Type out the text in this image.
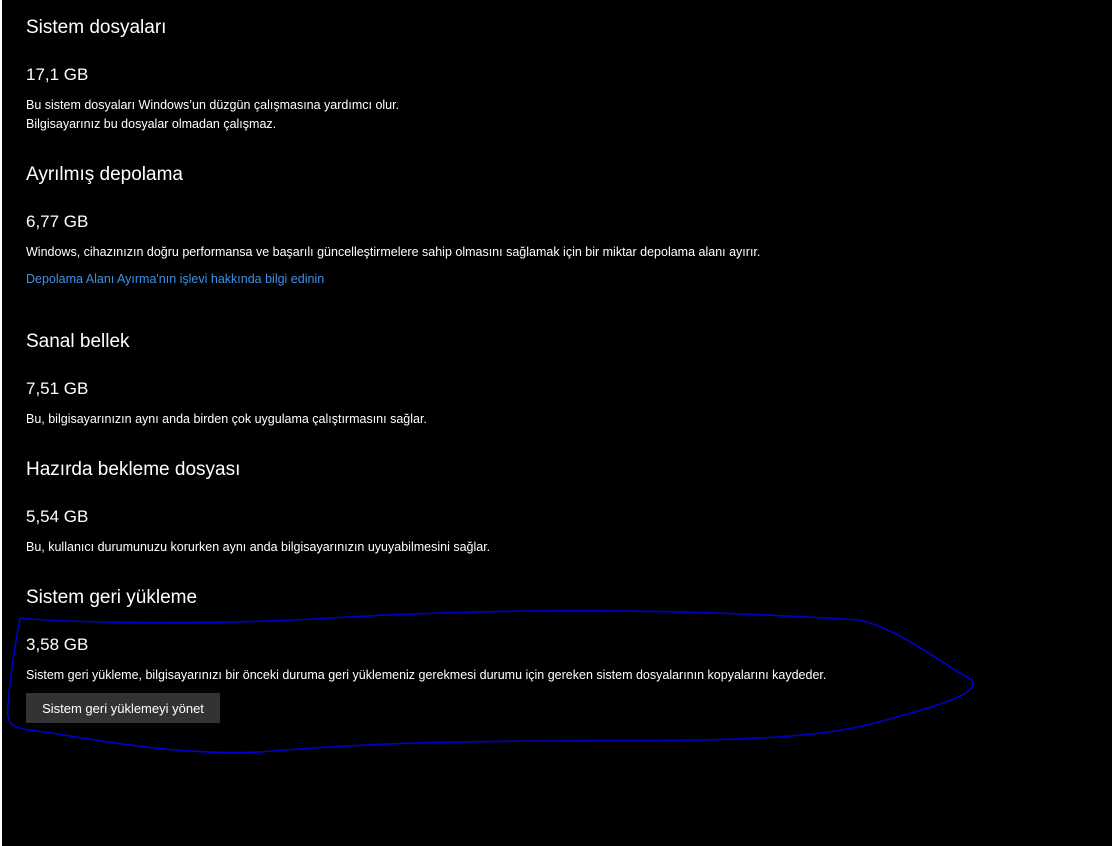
Sistem dosyaları
17,1 GB
Bu sistem dosyaları Windows’un düzgün çalışmasına yardımcı olur.
Bilgisayarınız bu dosyalar olmadan çalışmaz.
Ayrılmış depolama
6,77 GB
Windows, cihazınızın doğru performansa ve başarılı güncelleştirmelere sahip olmasını sağlamak için bir miktar depolama alanı ayırır.
Depolama Alanı Ayırma'nın işlevi hakkında bilgi edinin
Sanal bellek
7,51 GB
Bu, bilgisayarınızın aynı anda birden çok uygulama çalıştırmasını sağlar.
Hazırda bekleme dosyası
5,54 GB
Bu, kullanıcı durumunuzu korurken aynı anda bilgisayarınızın uyuyabilmesini sağlar.
Sistem geri yükleme
3,58 GB
Sistem geri yükleme, bilgisayarınızı bir önceki duruma geri yüklemeniz gerekmesi durumu için gereken sistem dosyalarının kopyalarını kaydeder.
Sistem geri yüklemeyi yönet
